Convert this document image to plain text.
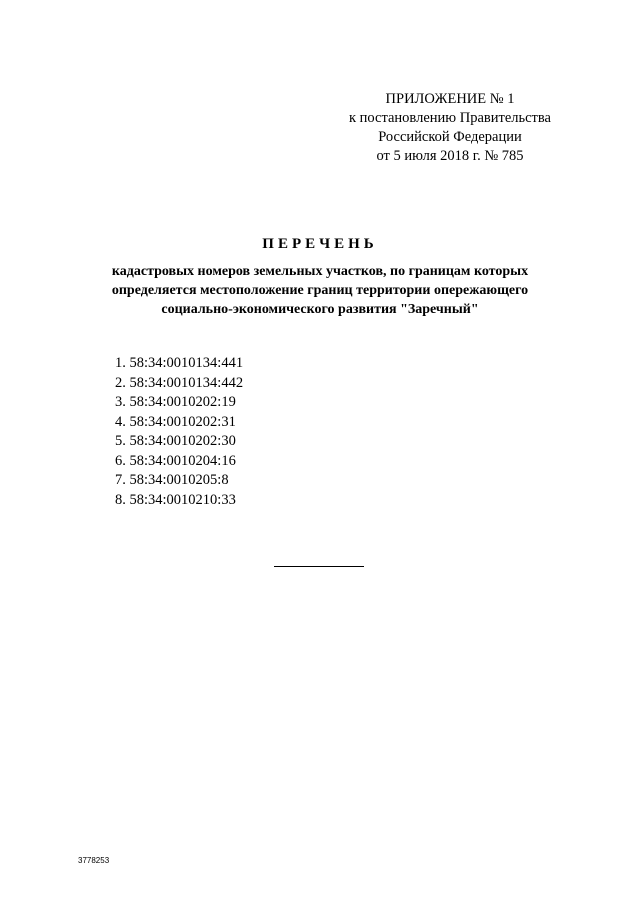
ПРИЛОЖЕНИЕ № 1
к постановлению Правительства
Российской Федерации
от 5 июля 2018 г. № 785
ПЕРЕЧЕНЬ
кадастровых номеров земельных участков, по границам которых
определяется местоположение границ территории опережающего
социально-экономического развития "Заречный"
1. 58:34:0010134:441
2. 58:34:0010134:442
3. 58:34:0010202:19
4. 58:34:0010202:31
5. 58:34:0010202:30
6. 58:34:0010204:16
7. 58:34:0010205:8
8. 58:34:0010210:33
3778253
